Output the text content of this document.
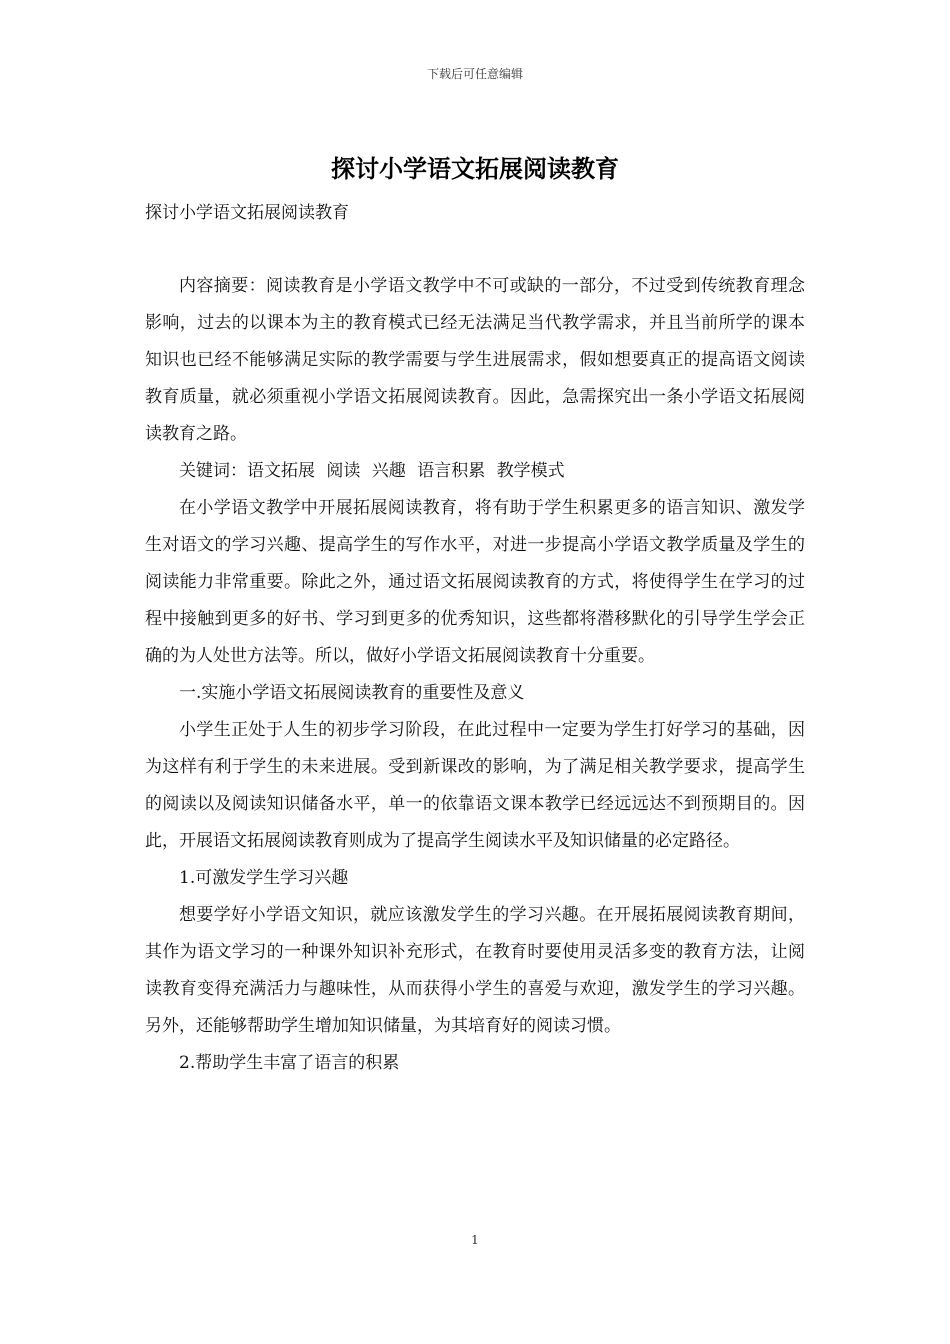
下载后可任意编辑
探讨小学语文拓展阅读教育
探讨小学语文拓展阅读教育

内容摘要：阅读教育是小学语文教学中不可或缺的一部分，不过受到传统教育理念影响，过去的以课本为主的教育模式已经无法满足当代教学需求，并且当前所学的课本知识也已经不能够满足实际的教学需要与学生进展需求，假如想要真正的提高语文阅读教育质量，就必须重视小学语文拓展阅读教育。因此，急需探究出一条小学语文拓展阅读教育之路。

关键词：语文拓展 阅读 兴趣 语言积累 教学模式

在小学语文教学中开展拓展阅读教育，将有助于学生积累更多的语言知识、激发学生对语文的学习兴趣、提高学生的写作水平，对进一步提高小学语文教学质量及学生的阅读能力非常重要。除此之外，通过语文拓展阅读教育的方式，将使得学生在学习的过程中接触到更多的好书、学习到更多的优秀知识，这些都将潜移默化的引导学生学会正确的为人处世方法等。所以，做好小学语文拓展阅读教育十分重要。

一.实施小学语文拓展阅读教育的重要性及意义

小学生正处于人生的初步学习阶段，在此过程中一定要为学生打好学习的基础，因为这样有利于学生的未来进展。受到新课改的影响，为了满足相关教学要求，提高学生的阅读以及阅读知识储备水平，单一的依靠语文课本教学已经远远达不到预期目的。因此，开展语文拓展阅读教育则成为了提高学生阅读水平及知识储量的必定路径。

1.可激发学生学习兴趣

想要学好小学语文知识，就应该激发学生的学习兴趣。在开展拓展阅读教育期间，其作为语文学习的一种课外知识补充形式，在教育时要使用灵活多变的教育方法，让阅读教育变得充满活力与趣味性，从而获得小学生的喜爱与欢迎，激发学生的学习兴趣。另外，还能够帮助学生增加知识储量，为其培育好的阅读习惯。

2.帮助学生丰富了语言的积累

1
